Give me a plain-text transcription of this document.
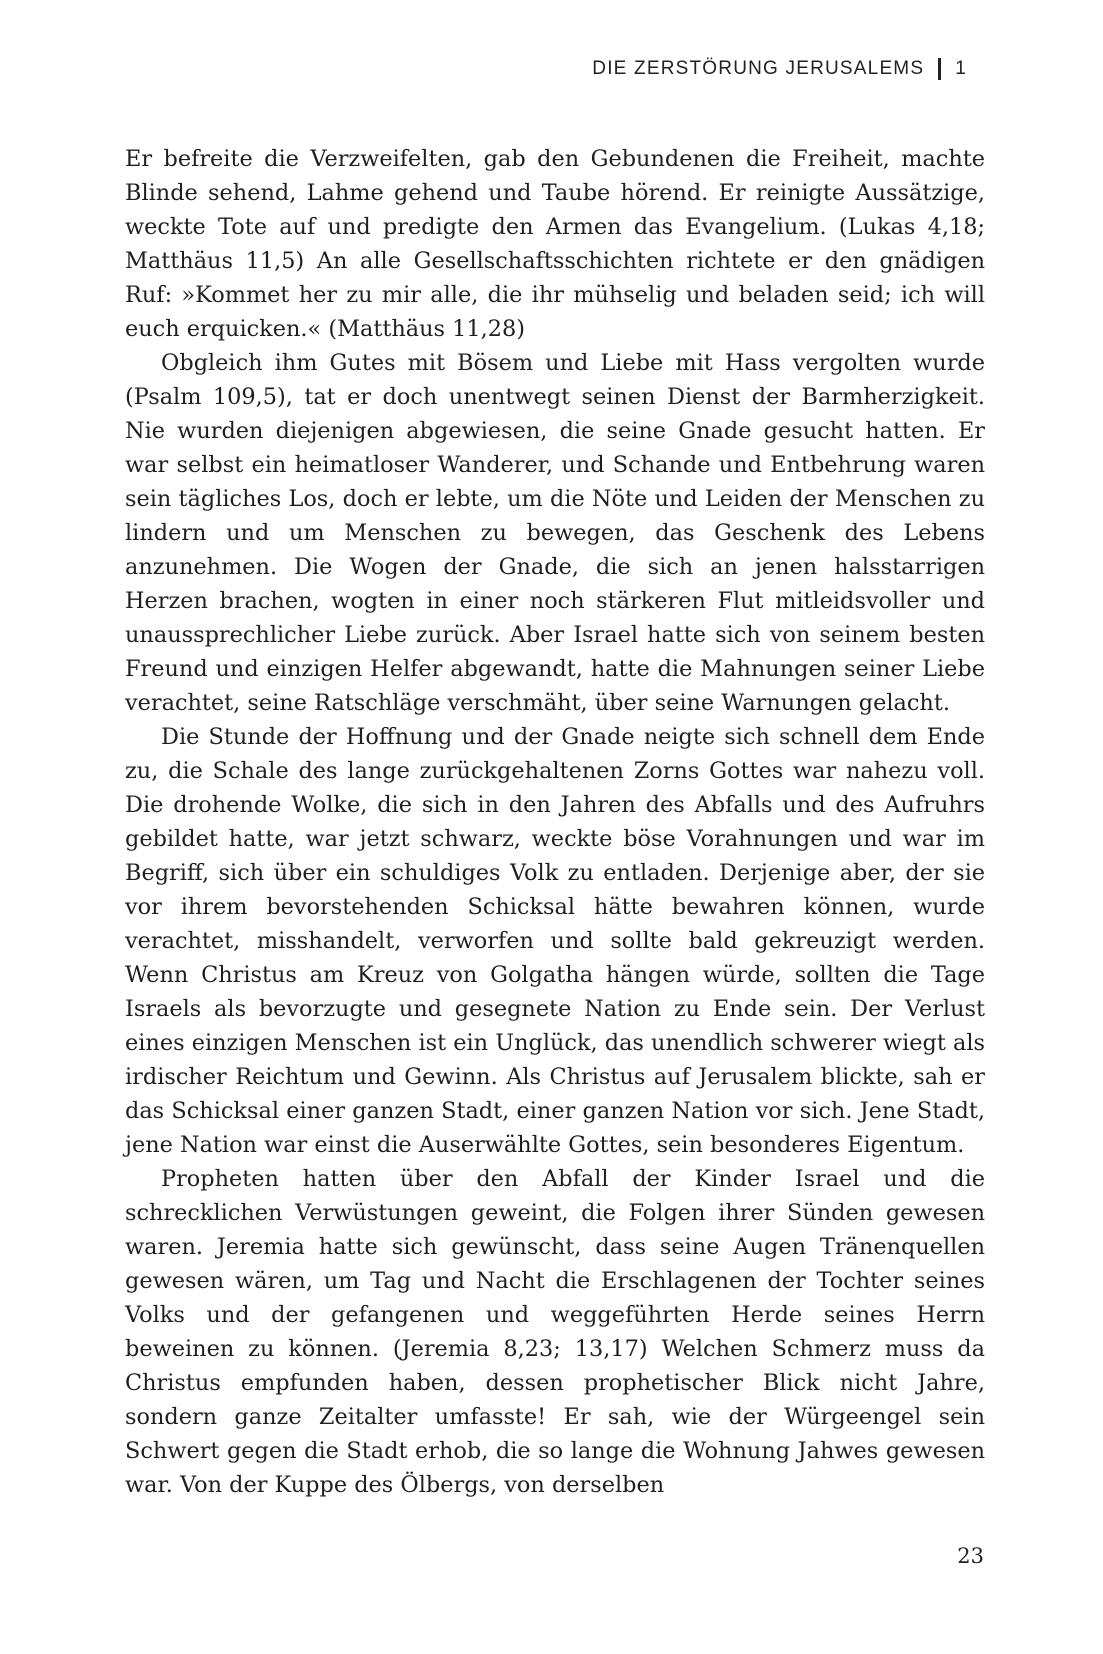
DIE ZERSTÖRUNG JERUSALEMS 1

Er befreite die Verzweifelten, gab den Gebundenen die Freiheit, machte Blinde sehend, Lahme gehend und Taube hörend. Er reinigte Aussätzige, weckte Tote auf und predigte den Armen das Evangelium. (Lukas 4,18; Matthäus 11,5) An alle Gesellschaftsschichten richtete er den gnädigen Ruf: »Kommet her zu mir alle, die ihr mühselig und beladen seid; ich will euch erquicken.« (Matthäus 11,28)

Obgleich ihm Gutes mit Bösem und Liebe mit Hass vergolten wurde (Psalm 109,5), tat er doch unentwegt seinen Dienst der Barmherzigkeit. Nie wurden diejenigen abgewiesen, die seine Gnade gesucht hatten. Er war selbst ein heimatloser Wanderer, und Schande und Entbehrung waren sein tägliches Los, doch er lebte, um die Nöte und Leiden der Menschen zu lindern und um Menschen zu bewegen, das Geschenk des Lebens anzunehmen. Die Wogen der Gnade, die sich an jenen halsstarrigen Herzen brachen, wogten in einer noch stärkeren Flut mitleidsvoller und unaussprechlicher Liebe zurück. Aber Israel hatte sich von seinem besten Freund und einzigen Helfer abgewandt, hatte die Mahnungen seiner Liebe verachtet, seine Ratschläge verschmäht, über seine Warnungen gelacht.

Die Stunde der Hoffnung und der Gnade neigte sich schnell dem Ende zu, die Schale des lange zurückgehaltenen Zorns Gottes war nahezu voll. Die drohende Wolke, die sich in den Jahren des Abfalls und des Aufruhrs gebildet hatte, war jetzt schwarz, weckte böse Vorahnungen und war im Begriff, sich über ein schuldiges Volk zu entladen. Derjenige aber, der sie vor ihrem bevorstehenden Schicksal hätte bewahren können, wurde verachtet, misshandelt, verworfen und sollte bald gekreuzigt werden. Wenn Christus am Kreuz von Golgatha hängen würde, sollten die Tage Israels als bevorzugte und gesegnete Nation zu Ende sein. Der Verlust eines einzigen Menschen ist ein Unglück, das unendlich schwerer wiegt als irdischer Reichtum und Gewinn. Als Christus auf Jerusalem blickte, sah er das Schicksal einer ganzen Stadt, einer ganzen Nation vor sich. Jene Stadt, jene Nation war einst die Auserwählte Gottes, sein besonderes Eigentum.

Propheten hatten über den Abfall der Kinder Israel und die schrecklichen Verwüstungen geweint, die Folgen ihrer Sünden gewesen waren. Jeremia hatte sich gewünscht, dass seine Augen Tränenquellen gewesen wären, um Tag und Nacht die Erschlagenen der Tochter seines Volks und der gefangenen und weggeführten Herde seines Herrn beweinen zu können. (Jeremia 8,23; 13,17) Welchen Schmerz muss da Christus empfunden haben, dessen prophetischer Blick nicht Jahre, sondern ganze Zeitalter umfasste! Er sah, wie der Würgeengel sein Schwert gegen die Stadt erhob, die so lange die Wohnung Jahwes gewesen war. Von der Kuppe des Ölbergs, von derselben

23
